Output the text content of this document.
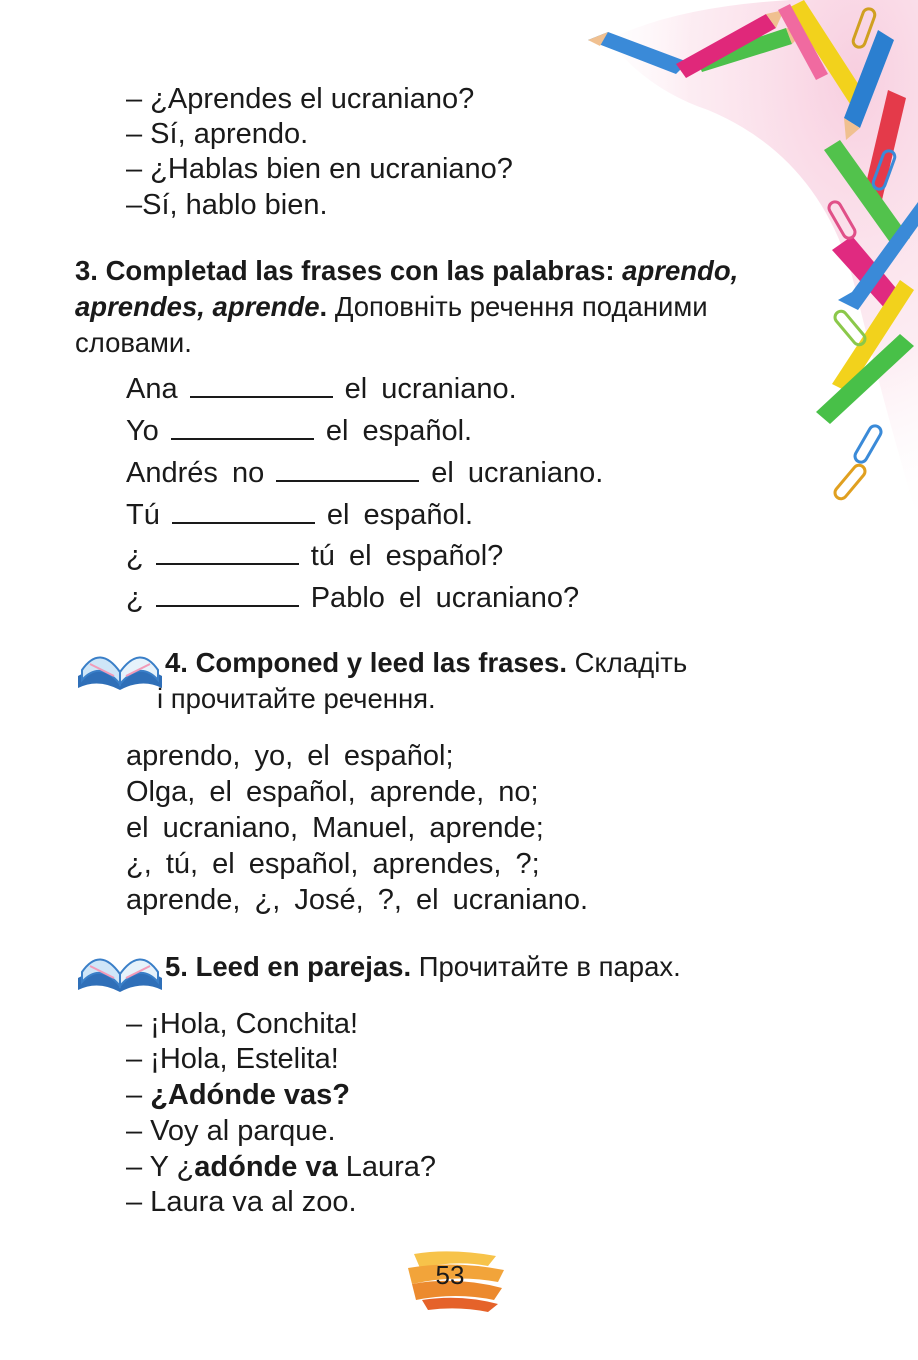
– ¿Aprendes el ucraniano?
– Sí, aprendo.
– ¿Hablas bien en ucraniano?
–Sí, hablo bien.
3. Completad las frases con las palabras: aprendo,
aprendes, aprende. Доповніть речення поданими
словами.
Ana	el ucraniano.
Yo	el español.
Andrés no	el ucraniano.
Tú	el español.
¿	tú el español?
¿	Pablo el ucraniano?
4. Componed y leed las frases. Складіть
і прочитайте речення.
aprendo, yo, el español;
Olga, el español, aprende, no;
el ucraniano, Manuel, aprende;
¿, tú, el español, aprendes, ?;
aprende, ¿, José, ?, el ucraniano.
5. Leed en parejas. Прочитайте в парах.
– ¡Hola, Conchita!
– ¡Hola, Estelita!
– ¿Adónde vas?
– Voy al parque.
– Y ¿adónde va Laura?
– Laura va al zoo.
53
